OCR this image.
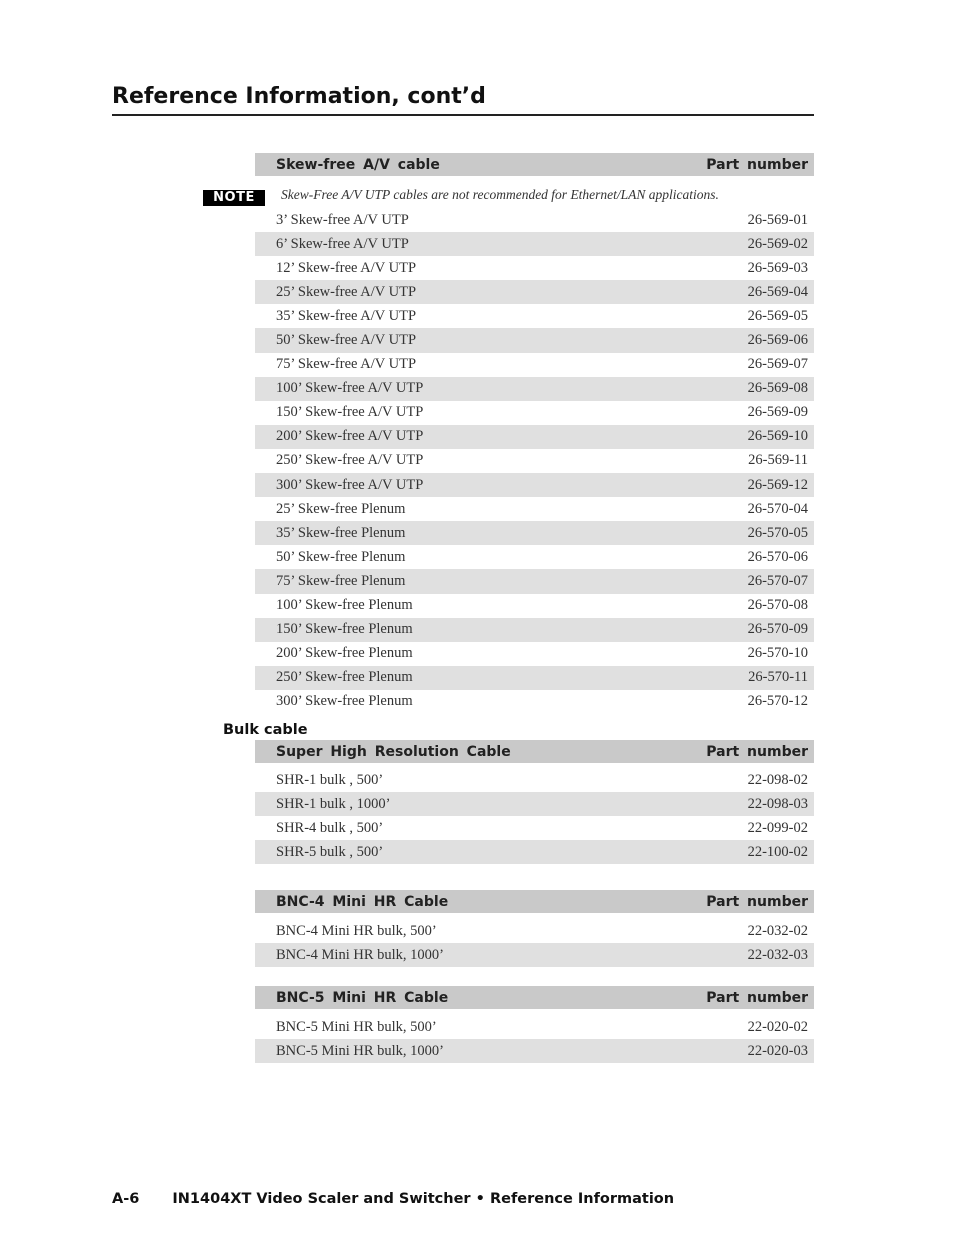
Reference Information, cont’d
Skew-free A/V cable	Part number
NOTE	Skew-Free A/V UTP cables are not recommended for Ethernet/LAN applications.
3’ Skew-free A/V UTP	26-569-01
6’ Skew-free A/V UTP	26-569-02
12’ Skew-free A/V UTP	26-569-03
25’ Skew-free A/V UTP	26-569-04
35’ Skew-free A/V UTP	26-569-05
50’ Skew-free A/V UTP	26-569-06
75’ Skew-free A/V UTP	26-569-07
100’ Skew-free A/V UTP	26-569-08
150’ Skew-free A/V UTP	26-569-09
200’ Skew-free A/V UTP	26-569-10
250’ Skew-free A/V UTP	26-569-11
300’ Skew-free A/V UTP	26-569-12
25’ Skew-free Plenum	26-570-04
35’ Skew-free Plenum	26-570-05
50’ Skew-free Plenum	26-570-06
75’ Skew-free Plenum	26-570-07
100’ Skew-free Plenum	26-570-08
150’ Skew-free Plenum	26-570-09
200’ Skew-free Plenum	26-570-10
250’ Skew-free Plenum	26-570-11
300’ Skew-free Plenum	26-570-12
Bulk cable
Super High Resolution Cable	Part number
SHR-1 bulk , 500’	22-098-02
SHR-1 bulk , 1000’	22-098-03
SHR-4 bulk , 500’	22-099-02
SHR-5 bulk , 500’	22-100-02
BNC-4 Mini HR Cable	Part number
BNC-4 Mini HR bulk, 500’	22-032-02
BNC-4 Mini HR bulk, 1000’	22-032-03
BNC-5 Mini HR Cable	Part number
BNC-5 Mini HR bulk, 500’	22-020-02
BNC-5 Mini HR bulk, 1000’	22-020-03
A-6 IN1404XT Video Scaler and Switcher • Reference Information
